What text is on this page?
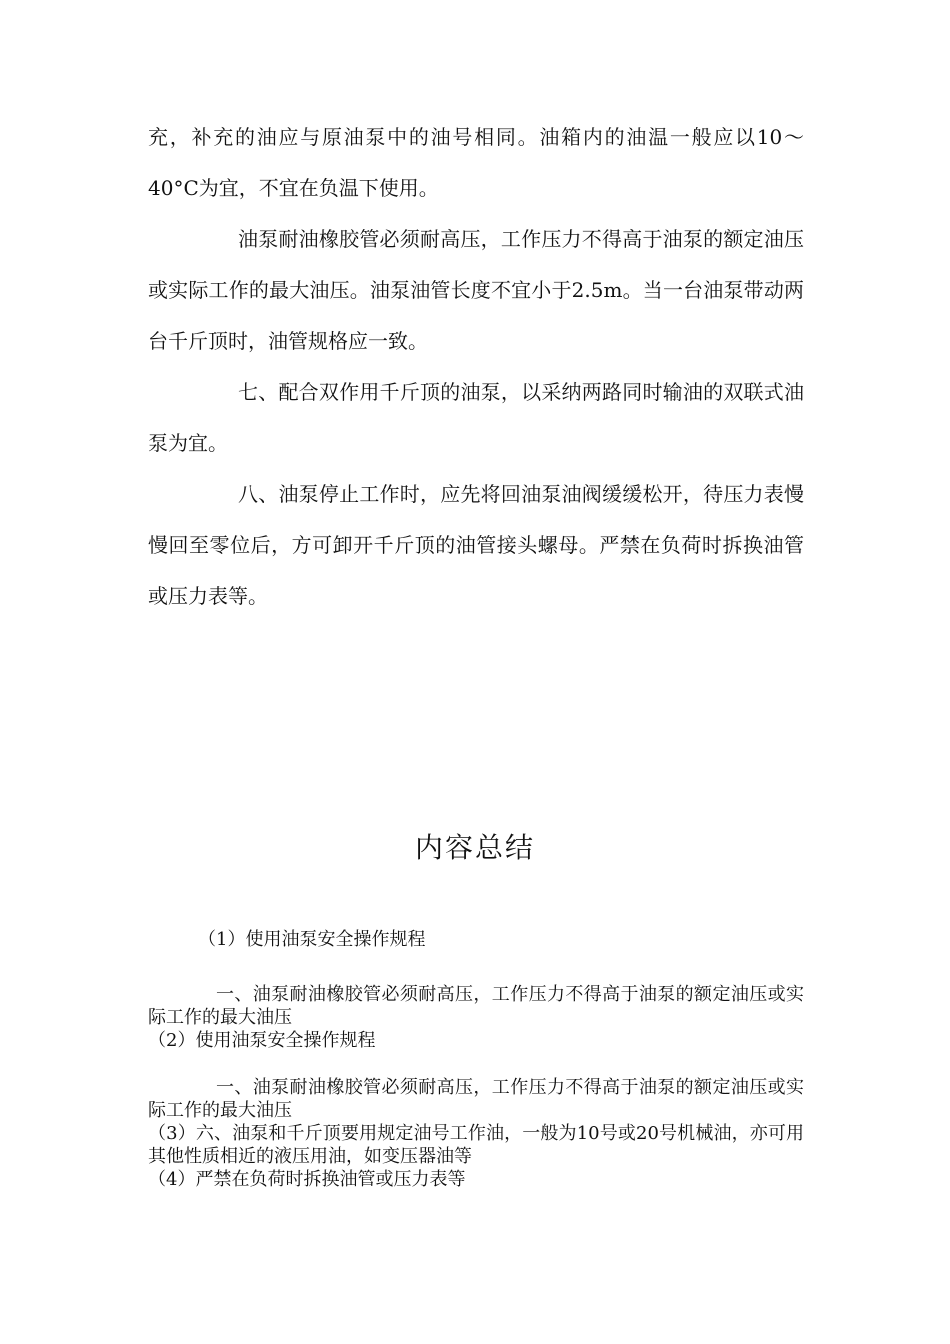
充，补充的油应与原油泵中的油号相同。油箱内的油温一般应以10～40°C为宜，不宜在负温下使用。

油泵耐油橡胶管必须耐高压，工作压力不得高于油泵的额定油压或实际工作的最大油压。油泵油管长度不宜小于2.5m。当一台油泵带动两台千斤顶时，油管规格应一致。

七、配合双作用千斤顶的油泵，以采纳两路同时输油的双联式油泵为宜。

八、油泵停止工作时，应先将回油泵油阀缓缓松开，待压力表慢慢回至零位后，方可卸开千斤顶的油管接头螺母。严禁在负荷时拆换油管或压力表等。

内容总结

（1）使用油泵安全操作规程

一、油泵耐油橡胶管必须耐高压，工作压力不得高于油泵的额定油压或实际工作的最大油压

（2）使用油泵安全操作规程

一、油泵耐油橡胶管必须耐高压，工作压力不得高于油泵的额定油压或实际工作的最大油压

（3）六、油泵和千斤顶要用规定油号工作油，一般为10号或20号机械油，亦可用其他性质相近的液压用油，如变压器油等

（4）严禁在负荷时拆换油管或压力表等
